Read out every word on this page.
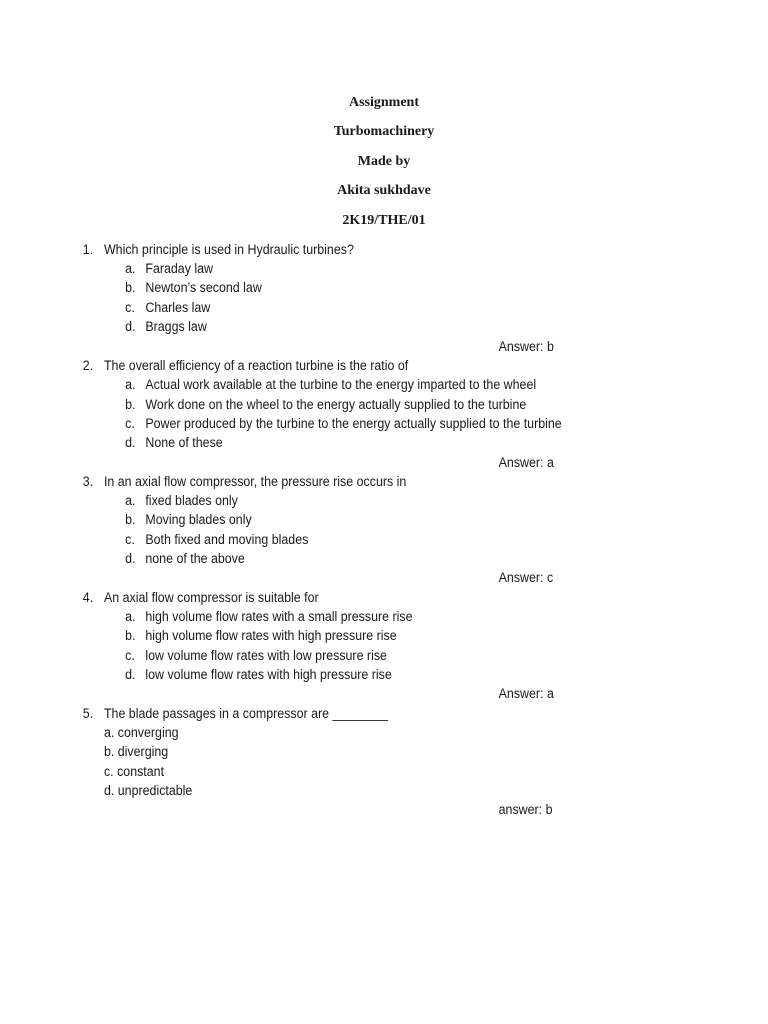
Assignment
Turbomachinery
Made by
Akita sukhdave
2K19/THE/01
1. Which principle is used in Hydraulic turbines?
a. Faraday law
b. Newton’s second law
c. Charles law
d. Braggs law
Answer: b
2. The overall efficiency of a reaction turbine is the ratio of
a. Actual work available at the turbine to the energy imparted to the wheel
b. Work done on the wheel to the energy actually supplied to the turbine
c. Power produced by the turbine to the energy actually supplied to the turbine
d. None of these
Answer: a
3. In an axial flow compressor, the pressure rise occurs in
a. fixed blades only
b. Moving blades only
c. Both fixed and moving blades
d. none of the above
Answer: c
4. An axial flow compressor is suitable for
a. high volume flow rates with a small pressure rise
b. high volume flow rates with high pressure rise
c. low volume flow rates with low pressure rise
d. low volume flow rates with high pressure rise
Answer: a
5. The blade passages in a compressor are ________
a. converging
b. diverging
c. constant
d. unpredictable
answer: b
